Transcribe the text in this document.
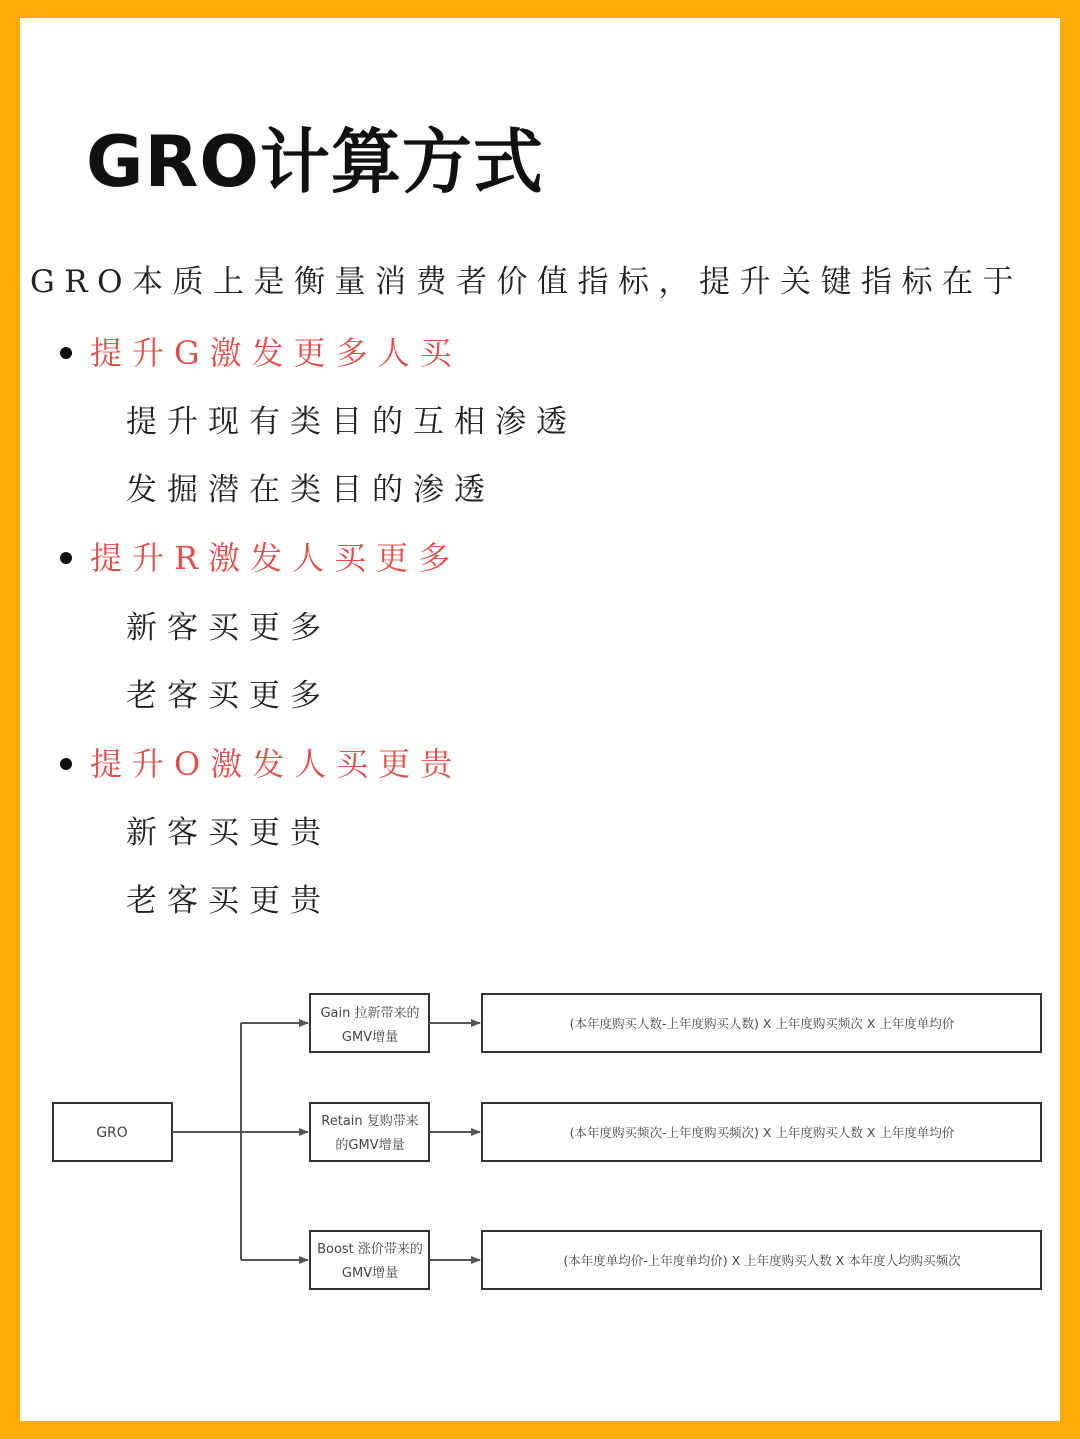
GRO计算方式
GRO本质上是衡量消费者价值指标，提升关键指标在于
提升G激发更多人买
提升现有类目的互相渗透
发掘潜在类目的渗透
提升R激发人买更多
新客买更多
老客买更多
提升O激发人买更贵
新客买更贵
老客买更贵
GRO
Gain 拉新带来的
GMV增量
(本年度购买人数-上年度购买人数) X 上年度购买频次 X 上年度单均价
Retain 复购带来
的GMV增量
(本年度购买频次-上年度购买频次) X 上年度购买人数 X 上年度单均价
Boost 涨价带来的
GMV增量
(本年度单均价-上年度单均价) X 上年度购买人数 X 本年度人均购买频次
